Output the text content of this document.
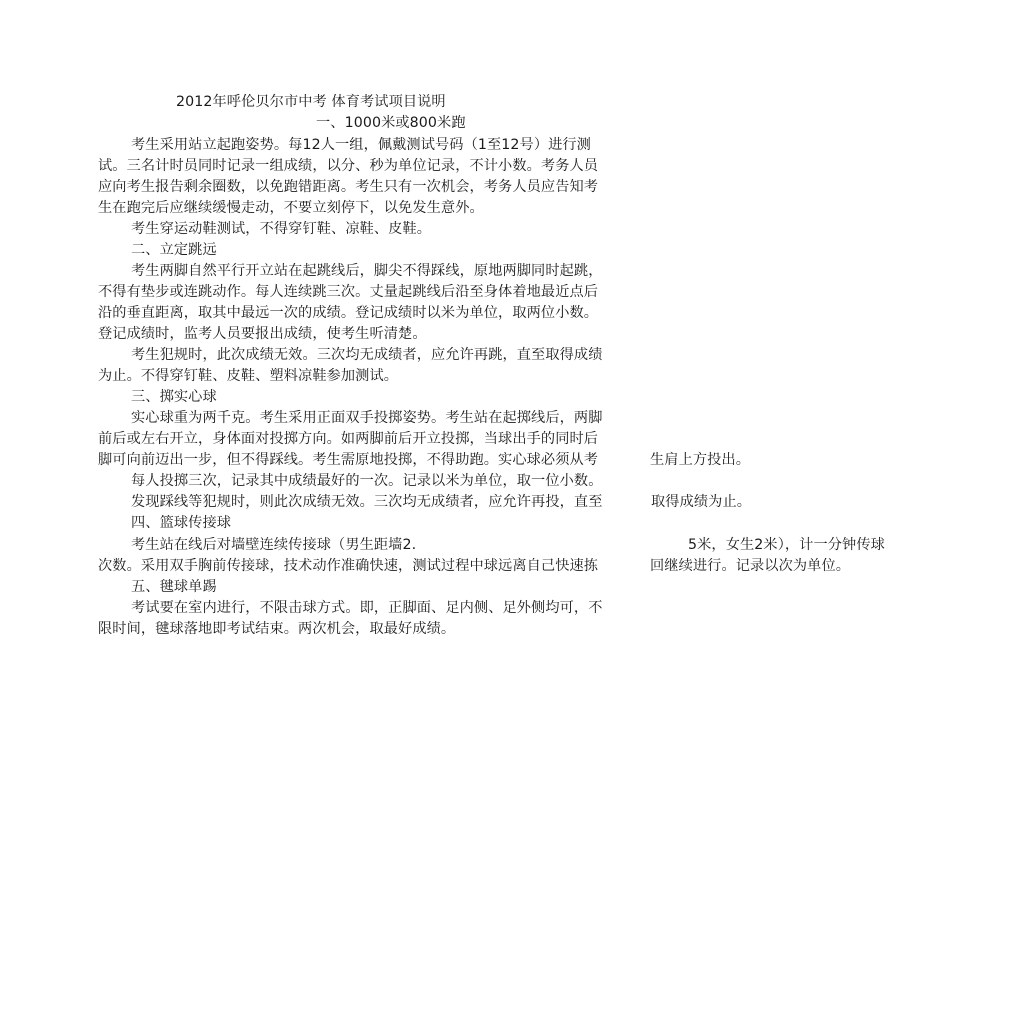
2012年呼伦贝尔市中考 体育考试项目说明
一、1000米或800米跑
考生采用站立起跑姿势。每12人一组，佩戴测试号码（1至12号）进行测
试。三名计时员同时记录一组成绩，以分、秒为单位记录，不计小数。考务人员
应向考生报告剩余圈数，以免跑错距离。考生只有一次机会，考务人员应告知考
生在跑完后应继续缓慢走动，不要立刻停下，以免发生意外。
考生穿运动鞋测试，不得穿钉鞋、凉鞋、皮鞋。
二、立定跳远
考生两脚自然平行开立站在起跳线后，脚尖不得踩线，原地两脚同时起跳，
不得有垫步或连跳动作。每人连续跳三次。丈量起跳线后沿至身体着地最近点后
沿的垂直距离，取其中最远一次的成绩。登记成绩时以米为单位，取两位小数。
登记成绩时，监考人员要报出成绩，使考生听清楚。
考生犯规时，此次成绩无效。三次均无成绩者，应允许再跳，直至取得成绩
为止。不得穿钉鞋、皮鞋、塑料凉鞋参加测试。
三、掷实心球
实心球重为两千克。考生采用正面双手投掷姿势。考生站在起掷线后，两脚
前后或左右开立，身体面对投掷方向。如两脚前后开立投掷，当球出手的同时后
脚可向前迈出一步，但不得踩线。考生需原地投掷，不得助跑。实心球必须从考	生肩上方投出。
每人投掷三次，记录其中成绩最好的一次。记录以米为单位，取一位小数。
发现踩线等犯规时，则此次成绩无效。三次均无成绩者，应允许再投，直至	取得成绩为止。
四、篮球传接球
考生站在线后对墙壁连续传接球（男生距墙2.	5米，女生2米），计一分钟传球
次数。采用双手胸前传接球，技术动作准确快速，测试过程中球远离自己快速拣	回继续进行。记录以次为单位。
五、毽球单踢
考试要在室内进行，不限击球方式。即，正脚面、足内侧、足外侧均可，不
限时间，毽球落地即考试结束。两次机会，取最好成绩。
